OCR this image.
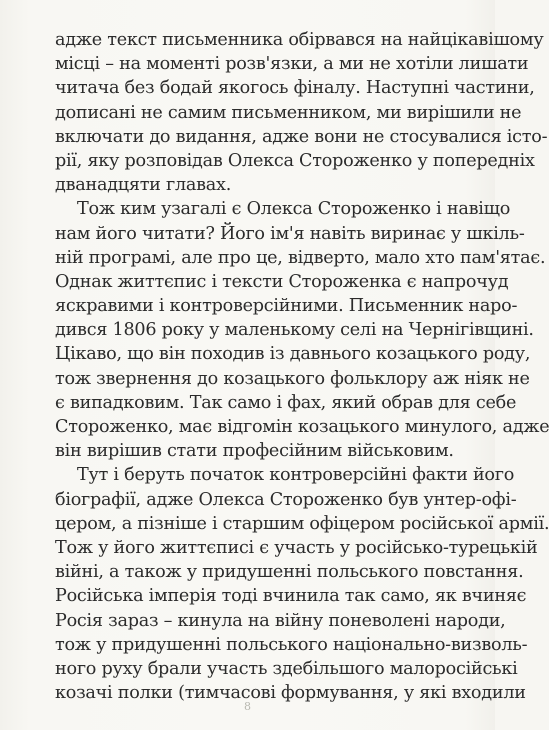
адже текст письменника обірвався на найцікавішому
місці – на моменті розв'язки, а ми не хотіли лишати
читача без бодай якогось фіналу. Наступні частини,
дописані не самим письменником, ми вирішили не
включати до видання, адже вони не стосувалися істо-
рії, яку розповідав Олекса Стороженко у попередніх
дванадцяти главах.
Тож ким узагалі є Олекса Стороженко і навіщо
нам його читати? Його ім'я навіть виринає у шкіль-
ній програмі, але про це, відверто, мало хто пам'ятає.
Однак життєпис і тексти Стороженка є напрочуд
яскравими і контроверсійними. Письменник наро-
дився 1806 року у маленькому селі на Чернігівщині.
Цікаво, що він походив із давнього козацького роду,
тож звернення до козацького фольклору аж ніяк не
є випадковим. Так само і фах, який обрав для себе
Стороженко, має відгомін козацького минулого, адже
він вирішив стати професійним військовим.
Тут і беруть початок контроверсійні факти його
біографії, адже Олекса Стороженко був унтер-офі-
цером, а пізніше і старшим офіцером російської армії.
Тож у його життєписі є участь у російсько-турецькій
війні, а також у придушенні польського повстання.
Російська імперія тоді вчинила так само, як вчиняє
Росія зараз – кинула на війну поневолені народи,
тож у придушенні польського національно-визволь-
ного руху брали участь здебільшого малоросійські
козачі полки (тимчасові формування, у які входили
8
